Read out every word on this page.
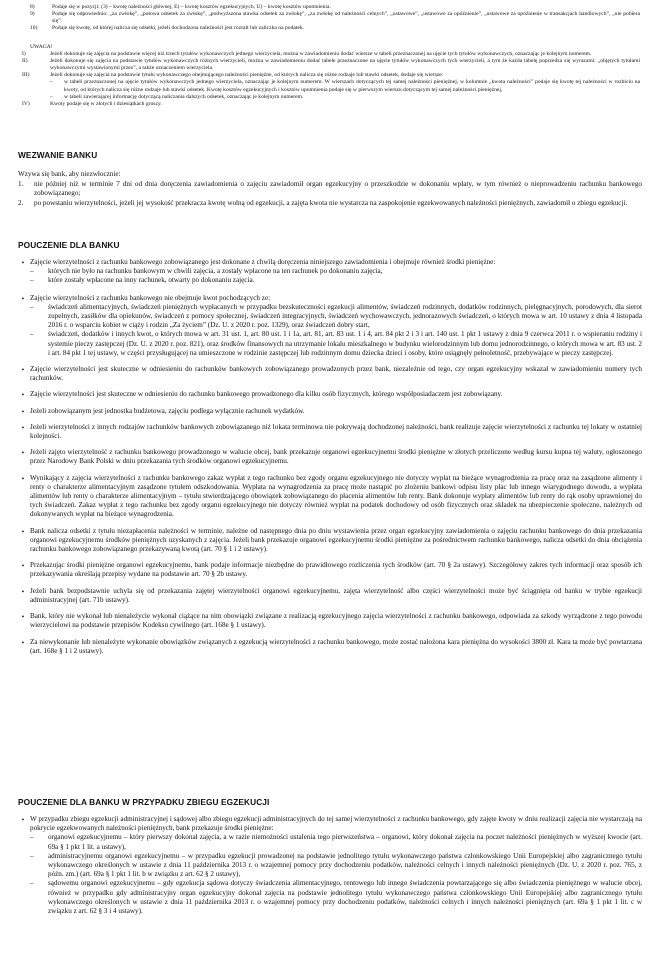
8)	Podaje się w pozycji: (3) – kwotę należności głównej, E) – kwotę kosztów egzekucyjnych, U) – kwotę kosztów upomnienia.
9)	Podaje się odpowiednio: „za zwłokę”, „połowa odsetek za zwłokę”, „podwyższona stawka odsetek za zwłokę”, „za zwłokę od należności celnych”, „ustawowe”, „ustawowe za opóźnienie”, „ustawowe za opóźnienie w transakcjach handlowych”, „nie pobiera się”.
10)	Podaje się kwotę, od której nalicza się odsetki, jeżeli dochodzona należności jest rozralt lub zaliczka na podatek.
UWAGA!
I)	Jeżeli dokonuje się zajęcia na podstawie więcej niż trzech tytułów wykonawczych jednego wierzyciela, można w zawiadomieniu dodać wiersze w tabeli przeznaczonej na ujęcie tych tytułów wykonawczych, oznaczając je kolejnym numerem.
II)	Jeżeli dokonuje się zajęcia na podstawie tytułów wykonawczych różnych wierzycieli, można w zawiadomieniu dodać tabele przeznaczone na ujęcie tytułów wykonawczych tych wierzycieli, a tym że każda tabelę poprzedza się wyrazami: „objętych tytułami wykonawczymi wystawionymi przez”, a także oznaczeniem wierzyciela.
III)	Jeżeli dokonuje się zajęcia na podstawie tytułu wykonawczego obejmującego należności pieniężne, od których nalicza się różne rodzaje lub stawki odsetek, dodaje się wiersze:
–	w tabeli przeznaczonej na ujęcie tytułów wykonawczych jednego wierzyciela, oznaczając je kolejnym numerem. W wierszach dotyczących tej samej należności pieniężnej, w kolumnie „kwota należności” podaje się kwotę tej należności w rozbiciu na kwoty, od których nalicza się różne rodzaje lub stawki odsetek. Kwotę kosztów egzekucyjnych i kosztów upomnienia podaje się w pierwszym wierszu dotyczącym tej samej należności pieniężnej,
–	w tabeli zawierającej informację dotyczącą naliczania dalszych odsetek, oznaczając je kolejnym numerem.
IV)	Kwoty podaje się w złotych i dziesiątkach groszy.
WEZWANIE BANKU

Wzywa się bank, aby niezwłocznie:

1.	nie później niż w terminie 7 dni od dnia doręczenia zawiadomienia o zajęciu zawiadomił organ egzekucyjny o przeszkodzie w dokonaniu wpłaty, w tym również o nieprowadzeniu rachunku bankowego zobowiązanego;
2.	po powstaniu wierzytelności, jeżeli jej wysokość przekracza kwotę wolną od egzekucji, a zajęta kwota nie wystarcza na zaspokojenie egzekwowanych należności pieniężnych, zawiadomił o zbiegu egzekucji.
POUCZENIE DLA BANKU
• Zajęcie wierzytelności z rachunku bankowego zobowiązanego jest dokonane z chwilą doręczenia niniejszego zawiadomienia i obejmuje również środki pieniężne:
–	których nie było na rachunku bankowym w chwili zajęcia, a zostały wpłacone na ten rachunek po dokonaniu zajęcia,
–	które zostały wpłacone na inny rachunek, otwarty po dokonaniu zajęcia.
• Zajęcie wierzytelności z rachunku bankowego nie obejmuje kwot pochodzących ze:
–	świadczeń alimentacyjnych, świadczeń pieniężnych wypłacanych w przypadku bezskuteczności egzekucji alimentów, świadczeń rodzinnych, dodatków rodzinnych, pielęgnacyjnych, porodowych, dla sierot zupełnych, zasiłków dla opiekunów, świadczeń z pomocy społecznej, świadczeń integracyjnych, świadczeń wychowawczych, jednorazowych świadczeń, o których mowa w art. 10 ustawy z dnia 4 listopada 2016 r. o wsparciu kobiet w ciąży i rodzin „Za życiem” (Dz. U. z 2020 r. poz. 1329), oraz świadczeń dobry start,
–	świadczeń, dodatków i innych kwot, o których mowa w art. 31 ust. 1, art. 80 ust. 1 i 1a, art. 81, art. 83 ust. 1 i 4, art. 84 pkt 2 i 3 i art. 140 ust. 1 pkt 1 ustawy z dnia 9 czerwca 2011 r. o wspieraniu rodziny i systemie pieczy zastępczej (Dz. U. z 2020 r. poz. 821), oraz środków finansowych na utrzymanie lokalu mieszkalnego w budynku wielorodzinnym lub domu jednorodzinnego, o których mowa w art. 83 ust. 2 i art. 84 pkt 1 tej ustawy, w części przysługującej na umieszczone w rodzinie zastępczej lub rodzinnym domu dziecka dzieci i osoby, które osiągnęły pełnoletność, przebywające w pieczy zastępczej.
• Zajęcie wierzytelności jest skuteczne w odniesieniu do rachunków bankowych zobowiązanego prowadzonych przez bank, niezależnie od tego, czy organ egzekucyjny wskazał w zawiadomieniu numery tych rachunków.
• Zajęcie wierzytelności jest skuteczne w odniesieniu do rachunku bankowego prowadzonego dla kilku osób fizycznych, którego współposiadaczem jest zobowiązany.
• Jeżeli zobowiązanym jest jednostka budżetowa, zajęciu podlega wyłącznie rachunek wydatków.
• Jeżeli wierzytelności z innych rodzajów rachunków bankowych zobowiązanego niż lokata terminowa nie pokrywają dochodzonej należności, bank realizuje zajęcie wierzytelności z rachunku tej lokaty w ostatniej kolejności.
• Jeżeli zajęto wierzytelność z rachunku bankowego prowadzonego w walucie obcej, bank przekazuje organowi egzekucyjnemu środki pieniężne w złotych przeliczone według kursu kupna tej waluty, ogłoszonego przez Narodowy Bank Polski w dniu przekazania tych środków organowi egzekucyjnemu.
• Wynikający z zajęcia wierzytelności z rachunku bankowego zakaz wypłat z tego rachunku bez zgody organu egzekucyjnego nie dotyczy wypłat na bieżące wynagrodzenia za pracę oraz na zasądzone alimenty i renty o charakterze alimentacyjnym zasądzone tytułem odszkodowania. Wypłata na wynagrodzenia za pracę może nastąpić po złożeniu bankowi odpisu listy płac lub innego wiarygodnego dowodu, a wypłata alimentów lub renty o charakterze alimentacyjnym – tytułu stwierdzającego obowiązek zobowiązanego do płacenia alimentów lub renty. Bank dokonuje wypłaty alimentów lub renty do rąk osoby uprawnionej do tych świadczeń. Zakaz wypłat z tego rachunku bez zgody organu egzekucyjnego nie dotyczy również wypłat na podatek dochodowy od osób fizycznych oraz składek na ubezpieczenie społeczne, należnych od dokonywanych wypłat na bieżące wynagrodzenia.
• Bank nalicza odsetki z tytułu niezapłacenia należności w terminie, należne od następnego dnia po dniu wystawienia przez organ egzekucyjny zawiadomienia o zajęciu rachunku bankowego do dnia przekazania organowi egzekucyjnemu środków pieniężnych uzyskanych z zajęcia. Jeżeli bank przekazuje organowi egzekucyjnemu środki pieniężne za pośrednictwem rachunku bankowego, nalicza odsetki do dnia obciążenia rachunku bankowego zobowiązanego przekazywaną kwotą (art. 70 § 1 i 2 ustawy).
• Przekazując środki pieniężne organowi egzekucyjnemu, bank podaje informacje niezbędne do prawidłowego rozliczenia tych środków (art. 70 § 2a ustawy). Szczegółowy zakres tych informacji oraz sposób ich przekazywania określają przepisy wydane na podstawie art. 70 § 2b ustawy.
• Jeżeli bank bezpodstawnie uchyla się od przekazania zajętej wierzytelności organowi egzekucyjnemu, zajęta wierzytelność albo części wierzytelności może być ściągnięta od banku w trybie egzekucji administracyjnej (art. 71b ustawy).
• Bank, który nie wykonał lub nienależycie wykonał ciążące na nim obowiązki związane z realizacją egzekucyjnego zajęcia wierzytelności z rachunku bankowego, odpowiada za szkody wyrządzone z tego powodu wierzycielowi na podstawie przepisów Kodeksu cywilnego (art. 168e § 1 ustawy).
• Za niewykonanie lub nienależyte wykonanie obowiązków związanych z egzekucją wierzytelności z rachunku bankowego, może zostać nałożona kara pieniężna do wysokości 3800 zł. Kara ta może być powtarzana (art. 168e § 1 i 2 ustawy).
POUCZENIE DLA BANKU W PRZYPADKU ZBIEGU EGZEKUCJI
• W przypadku zbiegu egzekucji administracyjnej i sądowej albo zbiegu egzekucji administracyjnych do tej samej wierzytelności z rachunku bankowego, gdy zajęte kwoty w dniu realizacji zajęcia nie wystarczają na pokrycie egzekwowanych należności pieniężnych, bank przekazuje środki pieniężne:
–	organowi egzekucyjnemu – który pierwszy dokonał zajęcia, a w razie niemożności ustalenia tego pierwszeństwa – organowi, który dokonał zajęcia na poczet należności pieniężnych w wyższej kwocie (art. 69a § 1 pkt 1 lit. a ustawy),
–	administracyjnemu organowi egzekucyjnemu – w przypadku egzekucji prowadzonej na podstawie jednolitego tytułu wykonawczego państwa członkowskiego Unii Europejskiej albo zagranicznego tytułu wykonawczego określonych w ustawie z dnia 11 października 2013 r. o wzajemnej pomocy przy dochodzeniu podatków, należności celnych i innych należności pieniężnych (Dz. U. z 2020 r. poz. 765, z późn. zm.) (art. 69a § 1 pkt 1 lit. b w związku z art. 62 § 2 ustawy),
–	sądowemu organowi egzekucyjnemu – gdy egzekucja sądowa dotyczy świadczenia alimentacyjnego, rentowego lub innego świadczenia powtarzającego się albo świadczenia pieniężnego w walucie obcej, również w przypadku gdy administracyjny organ egzekucyjny dokonał zajęcia na podstawie jednolitego tytułu wykonawczego państwa członkowskiego Unii Europejskiej albo zagranicznego tytułu wykonawczego określonych w ustawie z dnia 11 października 2013 r. o wzajemnej pomocy przy dochodzeniu podatków, należności celnych i innych należności pieniężnych (art. 69a § 1 pkt 1 lit. c w związku z art. 62 § 3 i 4 ustawy).
